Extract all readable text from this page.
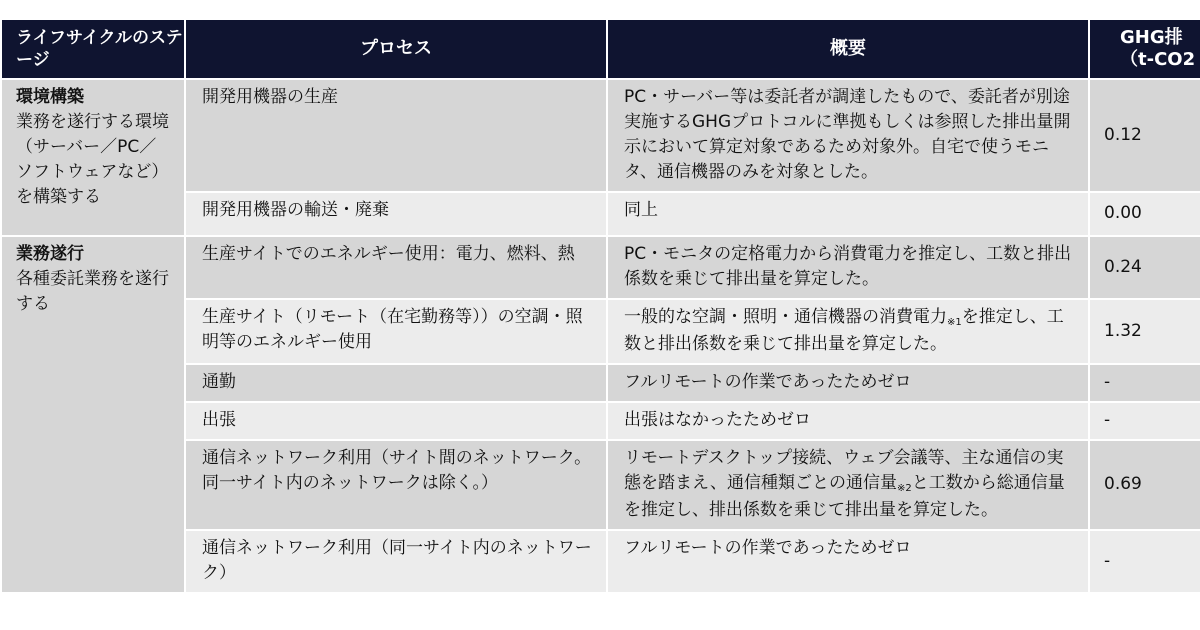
ライフサイクルのステージ	プロセス	概要	GHG排
（t-CO2

環境構築
業務を遂行する環境（サーバー／PC／ソフトウェアなど）を構築する	開発用機器の生産	PC・サーバー等は委託者が調達したもので、委託者が別途実施するGHGプロトコルに準拠もしくは参照した排出量開示において算定対象であるため対象外。自宅で使うモニタ、通信機器のみを対象とした。	0.12
	開発用機器の輸送・廃棄	同上	0.00

業務遂行
各種委託業務を遂行する	生産サイトでのエネルギー使用：電力、燃料、熱	PC・モニタの定格電力から消費電力を推定し、工数と排出係数を乗じて排出量を算定した。	0.24
	生産サイト（リモート（在宅勤務等））の空調・照明等のエネルギー使用	一般的な空調・照明・通信機器の消費電力※1を推定し、工数と排出係数を乗じて排出量を算定した。	1.32
	通勤	フルリモートの作業であったためゼロ	-
	出張	出張はなかったためゼロ	-
	通信ネットワーク利用（サイト間のネットワーク。同一サイト内のネットワークは除く。）	リモートデスクトップ接続、ウェブ会議等、主な通信の実態を踏まえ、通信種類ごとの通信量※2と工数から総通信量を推定し、排出係数を乗じて排出量を算定した。	0.69
	通信ネットワーク利用（同一サイト内のネットワーク）	フルリモートの作業であったためゼロ	-
